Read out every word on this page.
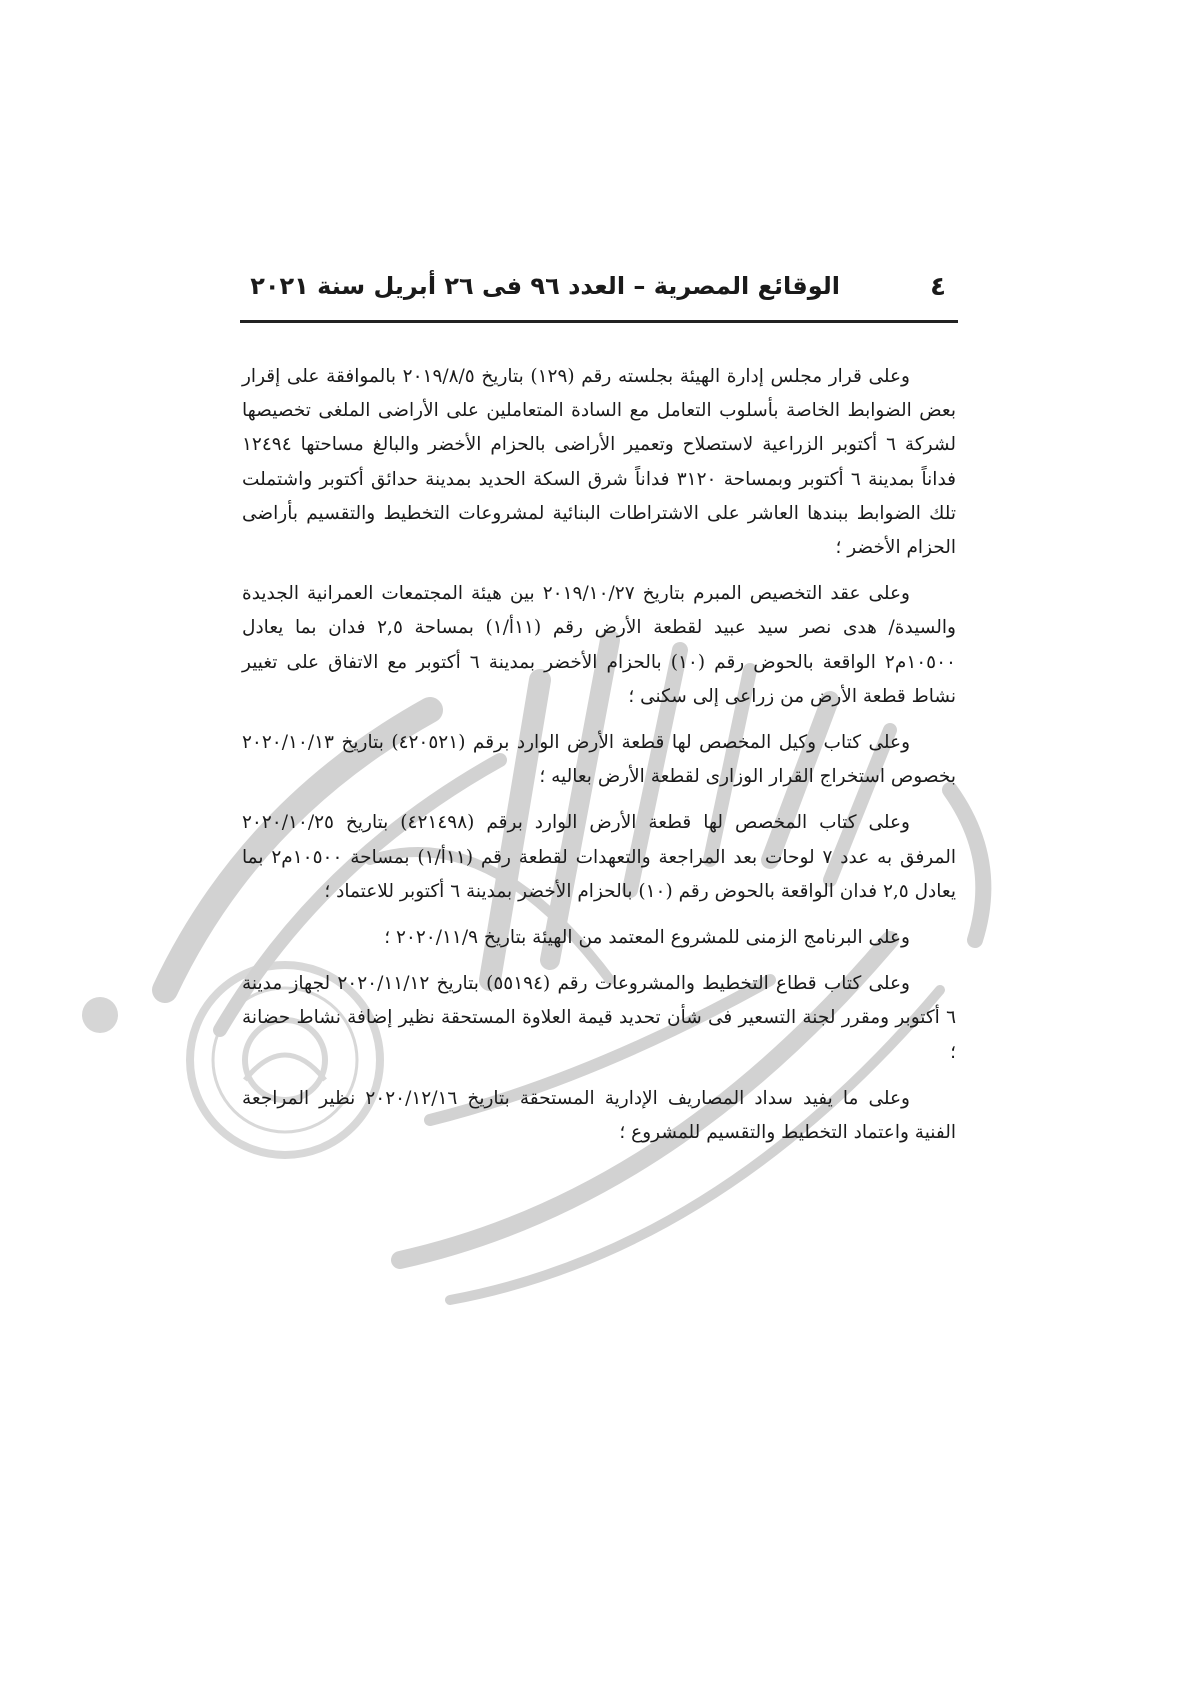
٤
الوقائع المصرية – العدد ٩٦ فى ٢٦ أبريل سنة ٢٠٢١

وعلى قرار مجلس إدارة الهيئة بجلسته رقم (١٢٩) بتاريخ ٢٠١٩/٨/٥ بالموافقة على إقرار بعض الضوابط الخاصة بأسلوب التعامل مع السادة المتعاملين على الأراضى الملغى تخصيصها لشركة ٦ أكتوبر الزراعية لاستصلاح وتعمير الأراضى بالحزام الأخضر والبالغ مساحتها ١٢٤٩٤ فداناً بمدينة ٦ أكتوبر وبمساحة ٣١٢٠ فداناً شرق السكة الحديد بمدينة حدائق أكتوبر واشتملت تلك الضوابط ببندها العاشر على الاشتراطات البنائية لمشروعات التخطيط والتقسيم بأراضى الحزام الأخضر ؛

وعلى عقد التخصيص المبرم بتاريخ ٢٠١٩/١٠/٢٧ بين هيئة المجتمعات العمرانية الجديدة والسيدة/ هدى نصر سيد عبيد لقطعة الأرض رقم (١١أ/١) بمساحة ٢,٥ فدان بما يعادل ١٠٥٠٠م٢ الواقعة بالحوض رقم (١٠) بالحزام الأخضر بمدينة ٦ أكتوبر مع الاتفاق على تغيير نشاط قطعة الأرض من زراعى إلى سكنى ؛

وعلى كتاب وكيل المخصص لها قطعة الأرض الوارد برقم (٤٢٠٥٢١) بتاريخ ٢٠٢٠/١٠/١٣ بخصوص استخراج القرار الوزارى لقطعة الأرض بعاليه ؛

وعلى كتاب المخصص لها قطعة الأرض الوارد برقم (٤٢١٤٩٨) بتاريخ ٢٠٢٠/١٠/٢٥ المرفق به عدد ٧ لوحات بعد المراجعة والتعهدات لقطعة رقم (١١أ/١) بمساحة ١٠٥٠٠م٢ بما يعادل ٢,٥ فدان الواقعة بالحوض رقم (١٠) بالحزام الأخضر بمدينة ٦ أكتوبر للاعتماد ؛

وعلى البرنامج الزمنى للمشروع المعتمد من الهيئة بتاريخ ٢٠٢٠/١١/٩ ؛

وعلى كتاب قطاع التخطيط والمشروعات رقم (٥٥١٩٤) بتاريخ ٢٠٢٠/١١/١٢ لجهاز مدينة ٦ أكتوبر ومقرر لجنة التسعير فى شأن تحديد قيمة العلاوة المستحقة نظير إضافة نشاط حضانة ؛

وعلى ما يفيد سداد المصاريف الإدارية المستحقة بتاريخ ٢٠٢٠/١٢/١٦ نظير المراجعة الفنية واعتماد التخطيط والتقسيم للمشروع ؛
